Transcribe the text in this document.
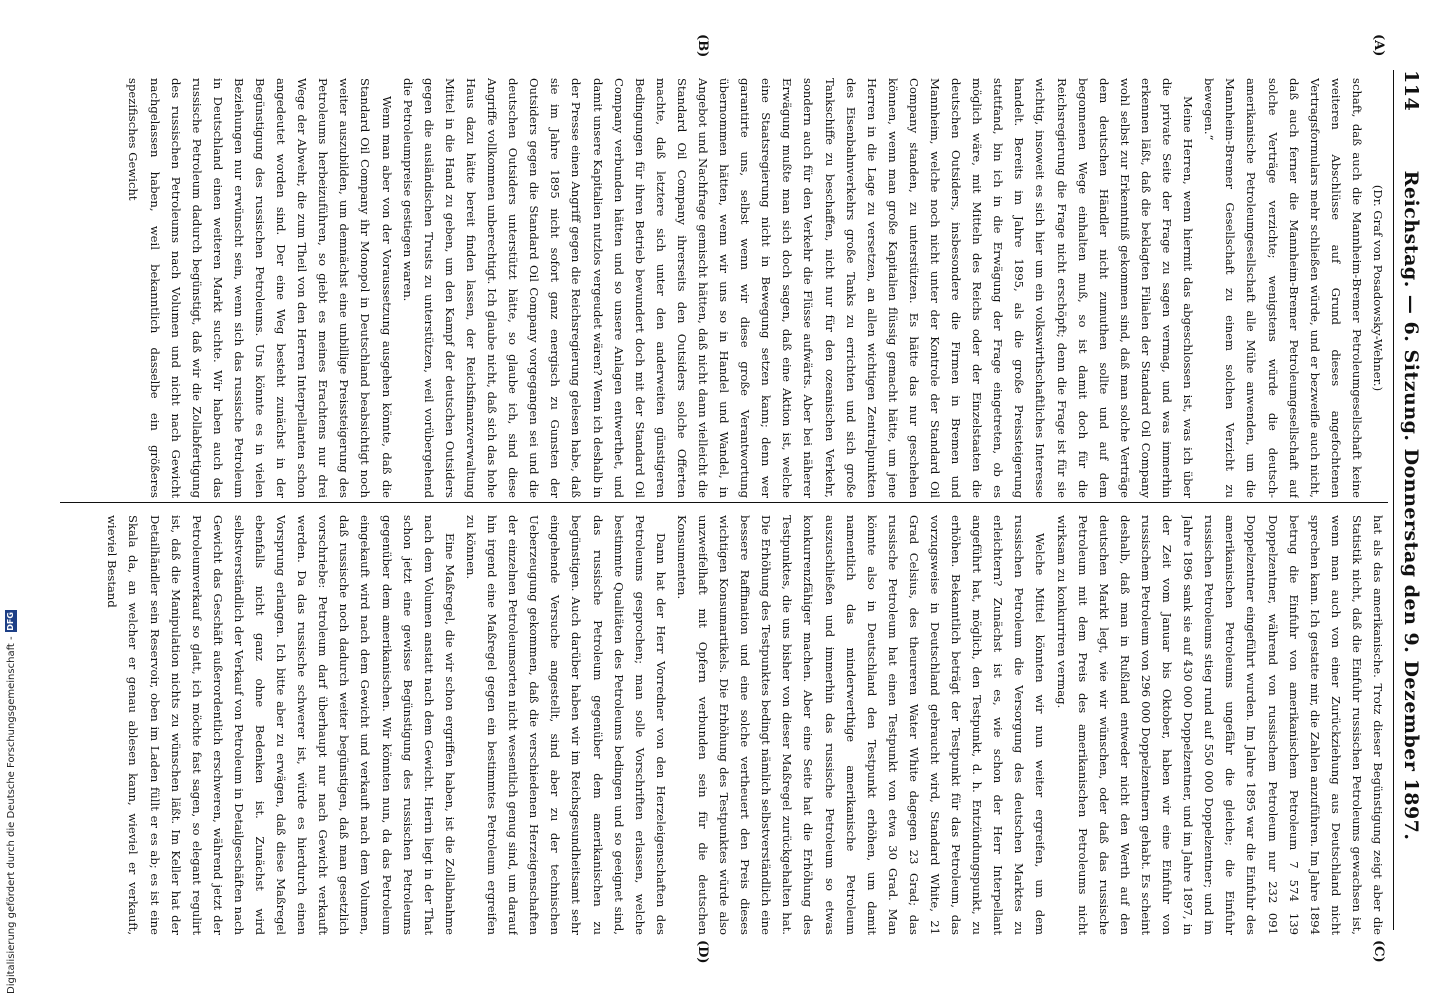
114
Reichstag. — 6. Sitzung. Donnerstag den 9. Dezember 1897.
(A)
(B)
(C)
(D)

(Dr. Graf von Posadowsky-Wehner.)

schaft, daß auch die Mannheim-Bremer Petroleumgesellschaft keine weiteren Abschlüsse auf Grund dieses angefochtenen Vertragsformulars mehr schließen würde, und er bezweifle auch nicht, daß auch ferner die Mannheim-Bremer Petroleumgesellschaft auf solche Verträge verzichte; wenigstens würde die deutsch-amerikanische Petroleumgesellschaft alle Mühe anwenden, um die Mannheim-Bremer Gesellschaft zu einem solchen Verzicht zu bewegen.“

Meine Herren, wenn hiermit das abgeschlossen ist, was ich über die private Seite der Frage zu sagen vermag, und was immerhin erkennen läßt, daß die beklagten Filialen der Standard Oil Company wohl selbst zur Erkenntniß gekommen sind, daß man solche Verträge dem deutschen Händler nicht zumuthen sollte und auf dem begonnenen Wege einhalten muß, so ist damit doch für die Reichsregierung die Frage nicht erschöpft; denn die Frage ist für sie wichtig, insoweit es sich hier um ein volkswirthschaftliches Interesse handelt. Bereits im Jahre 1895, als die große Preissteigerung stattfand, bin ich in die Erwägung der Frage eingetreten, ob es möglich wäre, mit Mitteln des Reichs oder der Einzelstaaten die deutschen Outsiders, insbesondere die Firmen in Bremen und Mannheim, welche noch nicht unter der Kontrole der Standard Oil Company standen, zu unterstützen. Es hätte das nur geschehen können, wenn man große Kapitalien flüssig gemacht hätte, um jene Herren in die Lage zu versetzen, an allen wichtigen Zentralpunkten des Eisenbahnverkehrs große Tanks zu errichten und sich große Tankschiffe zu beschaffen, nicht nur für den ozeanischen Verkehr, sondern auch für den Verkehr die Flüsse aufwärts. Aber bei näherer Erwägung mußte man sich doch sagen, daß eine Aktion ist, welche eine Staatsregierung nicht in Bewegung setzen kann; denn wer garantirte uns, selbst wenn wir diese große Verantwortung übernommen hätten, wenn wir uns so in Handel und Wandel, in Angebot und Nachfrage gemischt hätten, daß nicht dann vielleicht die Standard Oil Company ihrerseits den Outsiders solche Offerten machte, daß letztere sich unter den anderweiten günstigeren Bedingungen für ihren Betrieb bewundert doch mit der Standard Oil Company verbunden hätten und so unsere Anlagen entwerthet, und damit unsere Kapitalien nutzlos vergeudet wären? Wenn ich deshalb in der Presse einen Angriff gegen die Reichsregierung gelesen habe, daß sie im Jahre 1895 nicht sofort ganz energisch zu Gunsten der Outsiders gegen die Standard Oil Company vorgegangen sei und die deutschen Outsiders unterstützt hätte, so glaube ich, sind diese Angriffe vollkommen unberechtigt. Ich glaube nicht, daß sich das hohe Haus dazu hätte bereit finden lassen, der Reichsfinanzverwaltung Mittel in die Hand zu geben, um den Kampf der deutschen Outsiders gegen die ausländischen Trusts zu unterstützen, weil vorübergehend die Petroleumpreise gestiegen waren.

Wenn man aber von der Voraussetzung ausgehen könnte, daß die Standard Oil Company ihr Monopol in Deutschland beabsichtigt noch weiter auszubilden, um demnächst eine unbillige Preissteigerung des Petroleums herbeizuführen, so giebt es meines Erachtens nur drei Wege der Abwehr, die zum Theil von den Herren Interpellanten schon angedeutet worden sind. Der eine Weg besteht zunächst in der Begünstigung des russischen Petroleums. Uns könnte es in vielen Beziehungen nur erwünscht sein, wenn sich das russische Petroleum in Deutschland einen weiteren Markt suchte. Wir haben auch das russische Petroleum dadurch begünstigt, daß wir die Zollabfertigung des russischen Petroleums nach Volumen und nicht nach Gewicht nachgelassen haben, weil bekanntlich dasselbe ein größeres spezifisches Gewicht

hat als das amerikanische. Trotz dieser Begünstigung zeigt aber die Statistik nicht, daß die Einfuhr russischen Petroleums gewachsen ist, wenn man auch von einer Zurückziehung aus Deutschland nicht sprechen kann. Ich gestatte mir, die Zahlen anzuführen. Im Jahre 1894 betrug die Einfuhr von amerikanischem Petroleum 7 574 139 Doppelzentner, während von russischem Petroleum nur 232 091 Doppelzentner eingeführt wurden. Im Jahre 1895 war die Einfuhr des amerikanischen Petroleums ungefähr die gleiche; die Einfuhr russischen Petroleums stieg rund auf 550 000 Doppelzentner; und im Jahre 1896 sank sie auf 430 000 Doppelzentner, und im Jahre 1897, in der Zeit vom Januar bis Oktober, haben wir eine Einfuhr von russischem Petroleum von 296 000 Doppelzentnern gehabt. Es scheint deshalb, daß man in Rußland entweder nicht den Werth auf den deutschen Markt legt, wie wir wünschen, oder daß das russische Petroleum mit dem Preis des amerikanischen Petroleums nicht wirksam zu konkurriren vermag.

Welche Mittel könnten wir nun weiter ergreifen, um dem russischen Petroleum die Versorgung des deutschen Marktes zu erleichtern? Zunächst ist es, wie schon der Herr Interpellant angeführt hat, möglich, den Testpunkt, d. h. Entzündungspunkt, zu erhöhen. Bekanntlich beträgt der Testpunkt für das Petroleum, das vorzugsweise in Deutschland gebraucht wird, Standard White, 21 Grad Celsius, des theureren Water White dagegen 23 Grad; das russische Petroleum hat einen Testpunkt von etwa 30 Grad. Man könnte also in Deutschland den Testpunkt erhöhen, um damit namentlich das minderwerthige amerikanische Petroleum auszuschließen und immerhin das russische Petroleum so etwas konkurrenzfähiger machen. Aber eine Seite hat die Erhöhung des Testpunktes, die uns bisher von dieser Maßregel zurückgehalten hat. Die Erhöhung des Testpunktes bedingt nämlich selbstverständlich eine bessere Raffination und eine solche vertheuert den Preis dieses wichtigen Konsumartikels. Die Erhöhung des Testpunktes würde also unzweifelhaft mit Opfern verbunden sein für die deutschen Konsumenten.

Dann hat der Herr Vorredner von den Herzeleigenschaften des Petroleums gesprochen; man solle Vorschriften erlassen, welche bestimmte Qualitäten des Petroleums bedingen und so geeignet sind, das russische Petroleum gegenüber dem amerikanischen zu begünstigen. Auch darüber haben wir im Reichsgesundheitsamt sehr eingehende Versuche angestellt, sind aber zu der technischen Ueberzeugung gekommen, daß die verschiedenen Herzeigenschaften der einzelnen Petroleumsorten nicht wesentlich genug sind, um darauf hin irgend eine Maßregel gegen ein bestimmtes Petroleum ergreifen zu können.

Eine Maßregel, die wir schon ergriffen haben, ist die Zollabnahme nach dem Volumen anstatt nach dem Gewicht. Hierin liegt in der That schon jetzt eine gewisse Begünstigung des russischen Petroleums gegenüber dem amerikanischen. Wir könnten nun, da das Petroleum eingekauft wird nach dem Gewicht und verkauft nach dem Volumen, daß russische noch dadurch weiter begünstigen, daß man gesetzlich vorschriebe: Petroleum darf überhaupt nur nach Gewicht verkauft werden. Da das russische schwerer ist, würde es hierdurch einen Vorsprung erlangen. Ich bitte aber zu erwägen, daß diese Maßregel ebenfalls nicht ganz ohne Bedenken ist. Zunächst wird selbstverständlich der Verkauf von Petroleum in Detailgeschäften nach Gewicht das Geschäft außerordentlich erschweren, während jetzt der Petroleumverkauf so glatt, ich möchte fast sagen, so elegant regulirt ist, daß die Manipulation nichts zu wünschen läßt. Im Keller hat der Detailhändler sein Reservoir, oben im Laden füllt er es ab; es ist eine Skala da, an welcher er genau ablesen kann, wieviel er verkauft, wieviel Bestand

Digitalisierung gefördert durch die Deutsche Forschungsgemeinschaft -
DFG
